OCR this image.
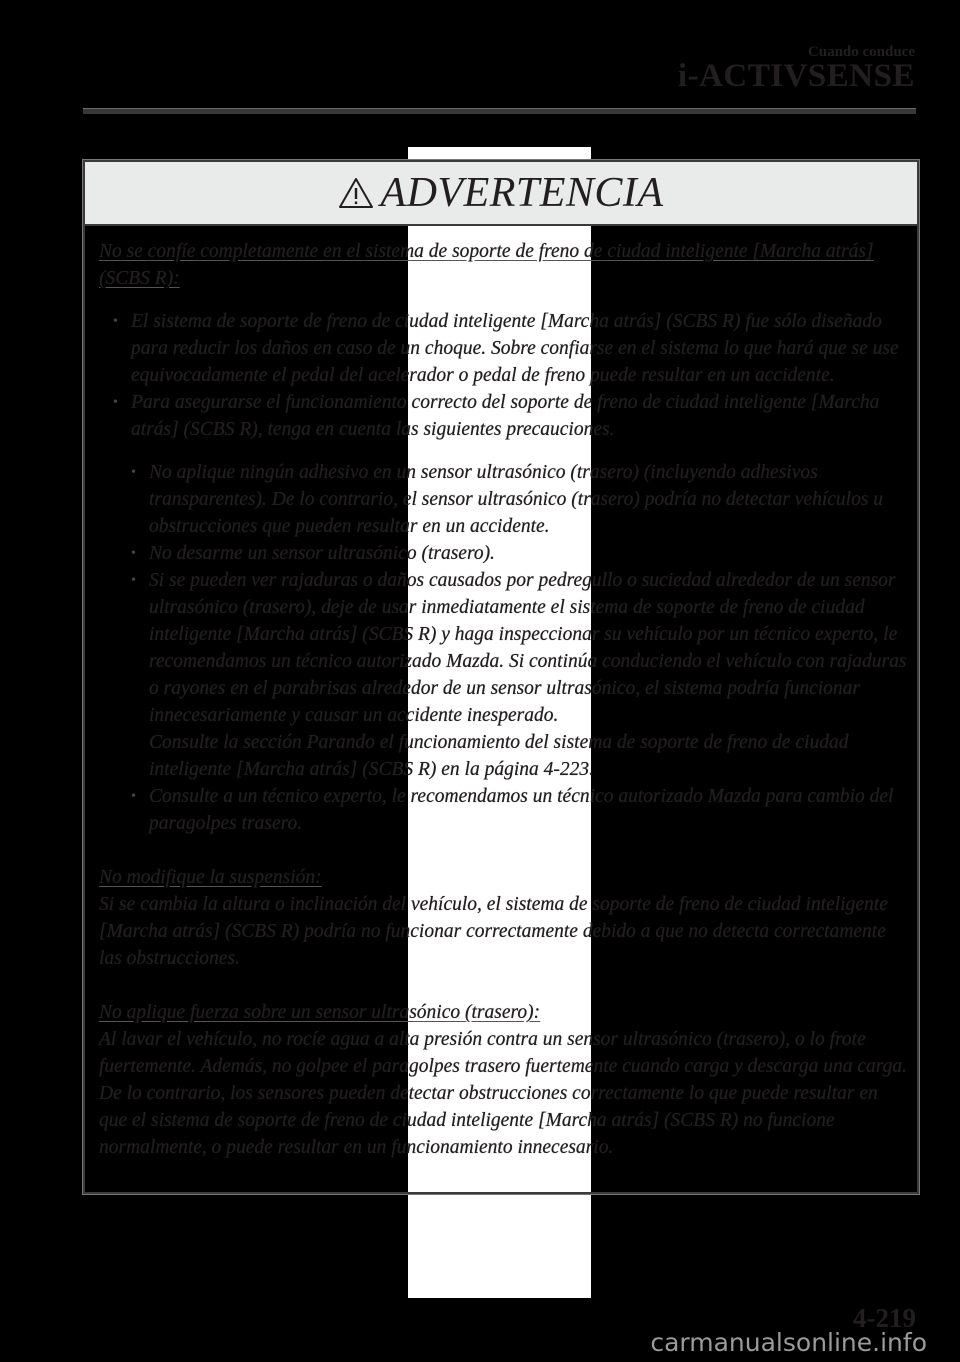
Cuando conduce
i-ACTIVSENSE
ADVERTENCIA

No se confíe completamente en el sistema de soporte de freno de ciudad inteligente [Marcha atrás] (SCBS R):

• El sistema de soporte de freno de ciudad inteligente [Marcha atrás] (SCBS R) fue sólo diseñado para reducir los daños en caso de un choque. Sobre confiarse en el sistema lo que hará que se use equivocadamente el pedal del acelerador o pedal de freno puede resultar en un accidente.
• Para asegurarse el funcionamiento correcto del soporte de freno de ciudad inteligente [Marcha atrás] (SCBS R), tenga en cuenta las siguientes precauciones.
• No aplique ningún adhesivo en un sensor ultrasónico (trasero) (incluyendo adhesivos transparentes). De lo contrario, el sensor ultrasónico (trasero) podría no detectar vehículos u obstrucciones que pueden resultar en un accidente.
• No desarme un sensor ultrasónico (trasero).
• Si se pueden ver rajaduras o daños causados por pedregullo o suciedad alrededor de un sensor ultrasónico (trasero), deje de usar inmediatamente el sistema de soporte de freno de ciudad inteligente [Marcha atrás] (SCBS R) y haga inspeccionar su vehículo por un técnico experto, le recomendamos un técnico autorizado Mazda. Si continúa conduciendo el vehículo con rajaduras o rayones en el parabrisas alrededor de un sensor ultrasónico, el sistema podría funcionar innecesariamente y causar un accidente inesperado.
Consulte la sección Parando el funcionamiento del sistema de soporte de freno de ciudad inteligente [Marcha atrás] (SCBS R) en la página 4-223.
• Consulte a un técnico experto, le recomendamos un técnico autorizado Mazda para cambio del paragolpes trasero.

No modifique la suspensión:

Si se cambia la altura o inclinación del vehículo, el sistema de soporte de freno de ciudad inteligente [Marcha atrás] (SCBS R) podría no funcionar correctamente debido a que no detecta correctamente las obstrucciones.

No aplique fuerza sobre un sensor ultrasónico (trasero):

Al lavar el vehículo, no rocíe agua a alta presión contra un sensor ultrasónico (trasero), o lo frote fuertemente. Además, no golpee el paragolpes trasero fuertemente cuando carga y descarga una carga. De lo contrario, los sensores pueden detectar obstrucciones correctamente lo que puede resultar en que el sistema de soporte de freno de ciudad inteligente [Marcha atrás] (SCBS R) no funcione normalmente, o puede resultar en un funcionamiento innecesario.

4-219
carmanualsonline.info
